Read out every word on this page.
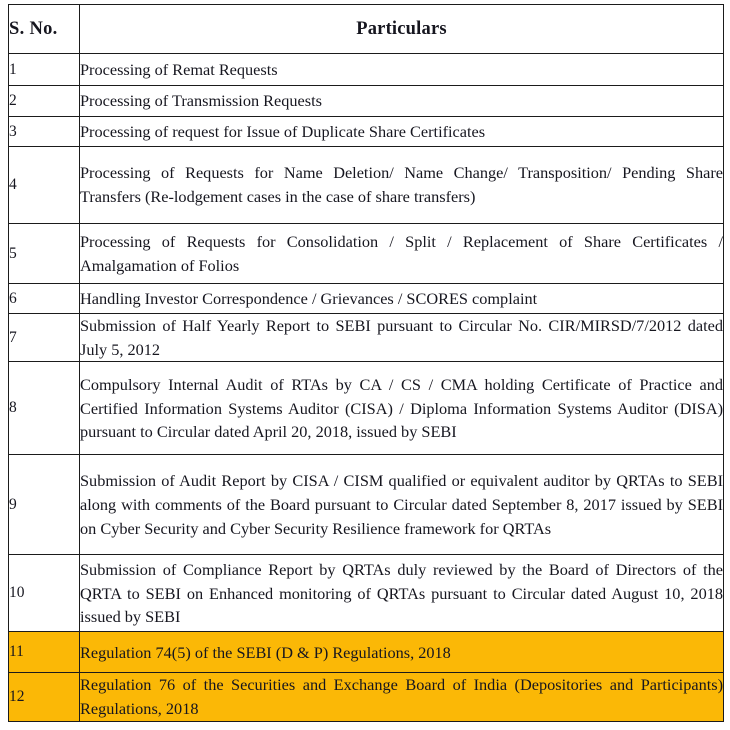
S. No.	Particulars
1	Processing of Remat Requests
2	Processing of Transmission Requests
3	Processing of request for Issue of Duplicate Share Certificates
4	Processing of Requests for Name Deletion/ Name Change/ Transposition/ Pending Share Transfers (Re-lodgement cases in the case of share transfers)
5	Processing of Requests for Consolidation / Split / Replacement of Share Certificates / Amalgamation of Folios
6	Handling Investor Correspondence / Grievances / SCORES complaint
7	Submission of Half Yearly Report to SEBI pursuant to Circular No. CIR/MIRSD/7/2012 dated July 5, 2012
8	Compulsory Internal Audit of RTAs by CA / CS / CMA holding Certificate of Practice and Certified Information Systems Auditor (CISA) / Diploma Information Systems Auditor (DISA) pursuant to Circular dated April 20, 2018, issued by SEBI
9	Submission of Audit Report by CISA / CISM qualified or equivalent auditor by QRTAs to SEBI along with comments of the Board pursuant to Circular dated September 8, 2017 issued by SEBI on Cyber Security and Cyber Security Resilience framework for QRTAs
10	Submission of Compliance Report by QRTAs duly reviewed by the Board of Directors of the QRTA to SEBI on Enhanced monitoring of QRTAs pursuant to Circular dated August 10, 2018 issued by SEBI
11	Regulation 74(5) of the SEBI (D & P) Regulations, 2018
12	Regulation 76 of the Securities and Exchange Board of India (Depositories and Participants) Regulations, 2018
